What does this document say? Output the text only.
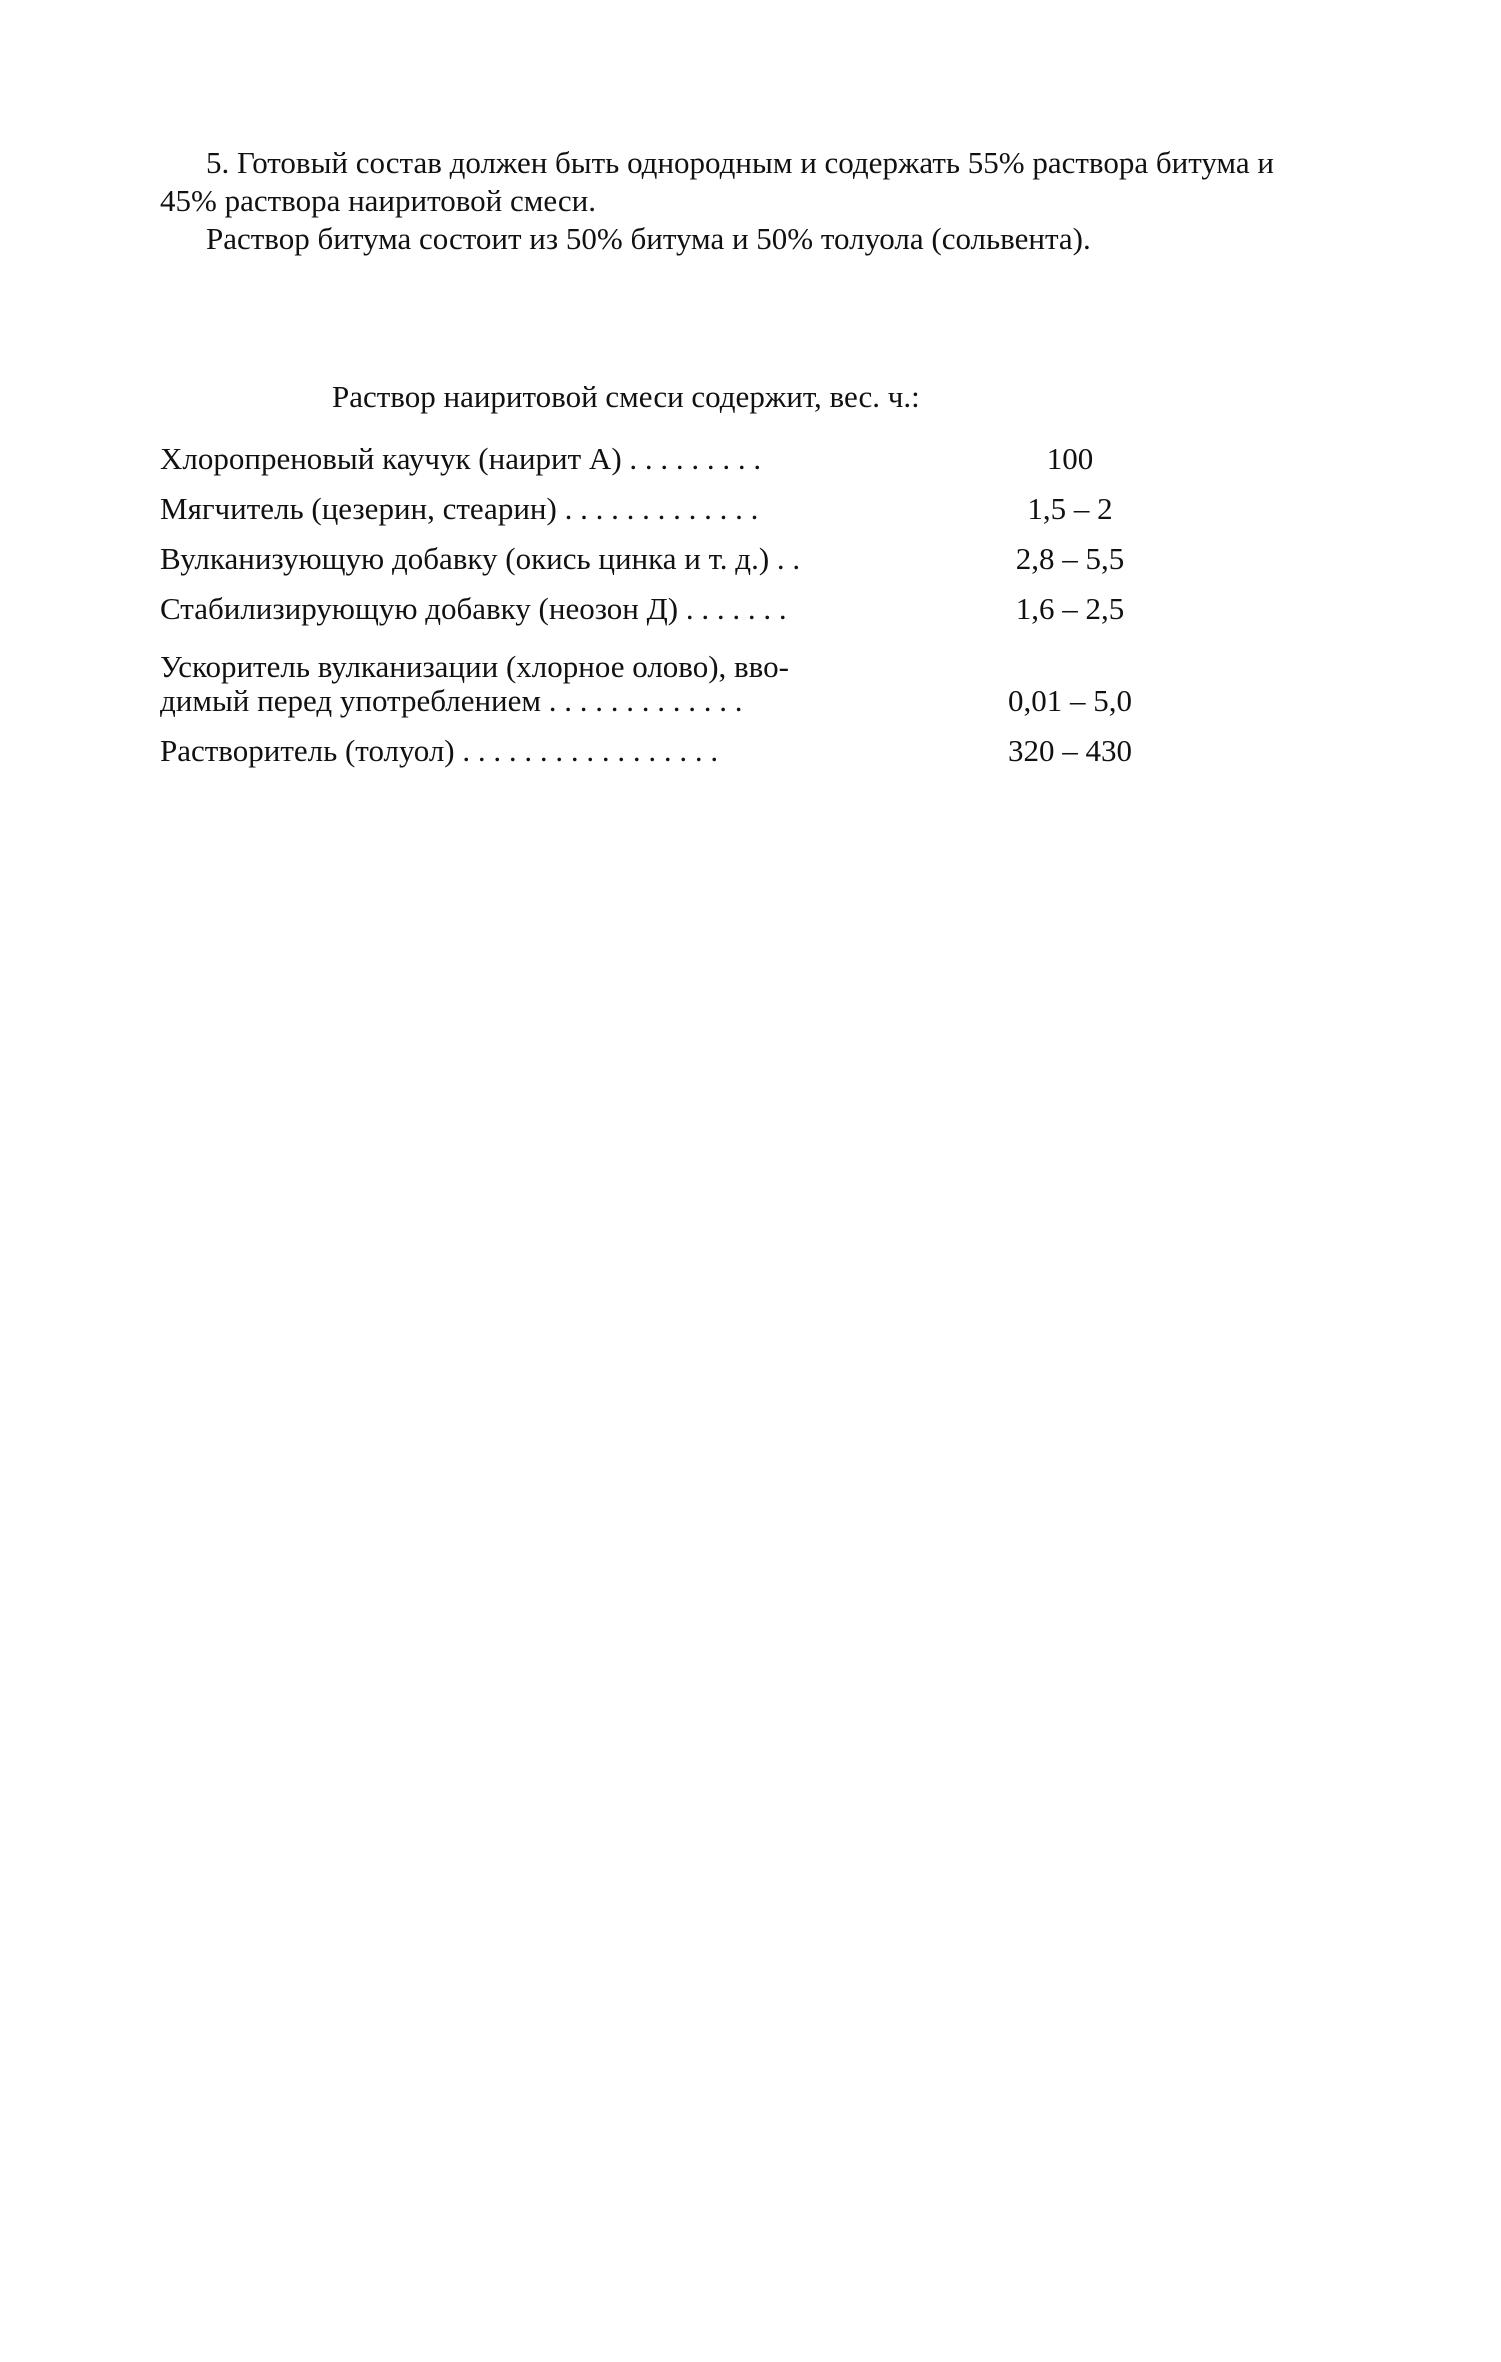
5. Готовый состав должен быть однородным и содержать 55% раствора битума и 45% раствора наиритовой смеси.

Раствор битума состоит из 50% битума и 50% толуола (сольвента).

Раствор наиритовой смеси содержит, вес. ч.:

Хлоропреновый каучук (наирит А) . . . . . . . . .	100
Мягчитель (цезерин, стеарин) . . . . . . . . . . . . .	1,5 – 2
Вулканизующую добавку (окись цинка и т. д.) . .	2,8 – 5,5
Стабилизирующую добавку (неозон Д) . . . . . . .	1,6 – 2,5
Ускоритель вулканизации (хлорное олово), вво-
димый перед употреблением . . . . . . . . . . . . .	0,01 – 5,0
Растворитель (толуол) . . . . . . . . . . . . . . . . .	320 – 430
